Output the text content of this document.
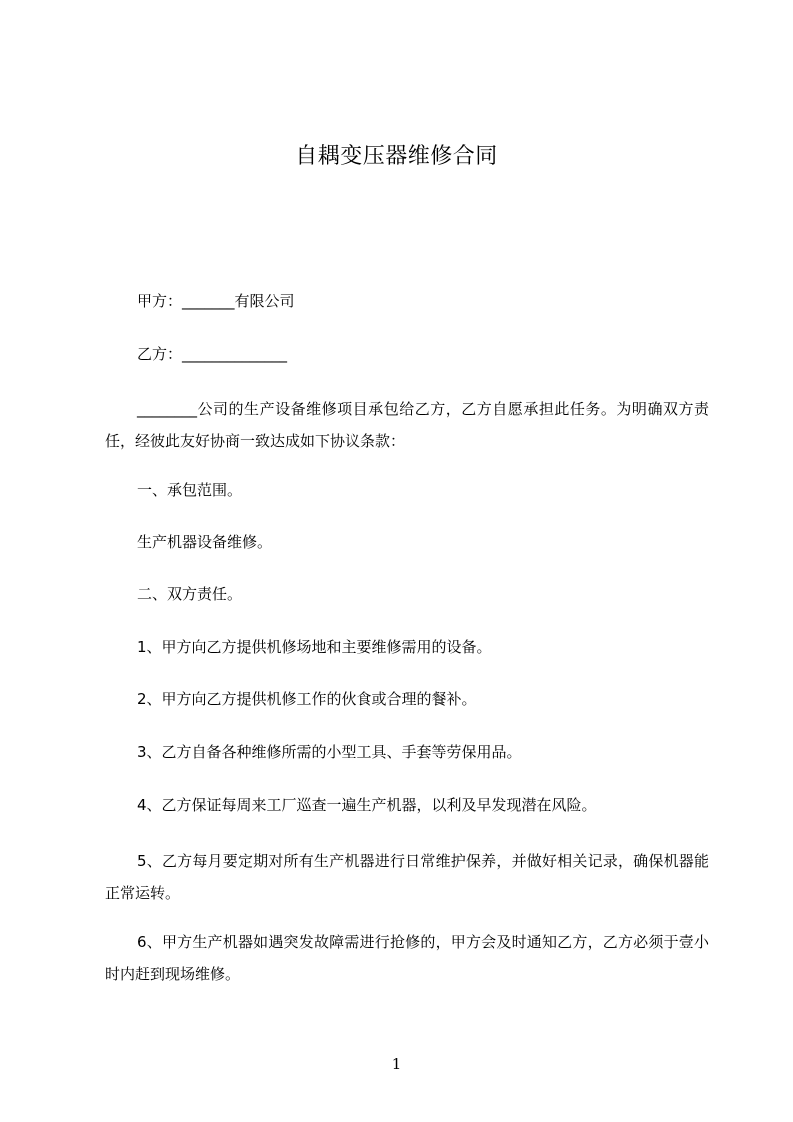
自耦变压器维修合同
甲方：_______有限公司
乙方：______________
________公司的生产设备维修项目承包给乙方，乙方自愿承担此任务。为明确双方责任，经彼此友好协商一致达成如下协议条款：
一、承包范围。
生产机器设备维修。
二、双方责任。
1、甲方向乙方提供机修场地和主要维修需用的设备。
2、甲方向乙方提供机修工作的伙食或合理的餐补。
3、乙方自备各种维修所需的小型工具、手套等劳保用品。
4、乙方保证每周来工厂巡查一遍生产机器，以利及早发现潜在风险。
5、乙方每月要定期对所有生产机器进行日常维护保养，并做好相关记录，确保机器能正常运转。
6、甲方生产机器如遇突发故障需进行抢修的，甲方会及时通知乙方，乙方必须于壹小时内赶到现场维修。
1
